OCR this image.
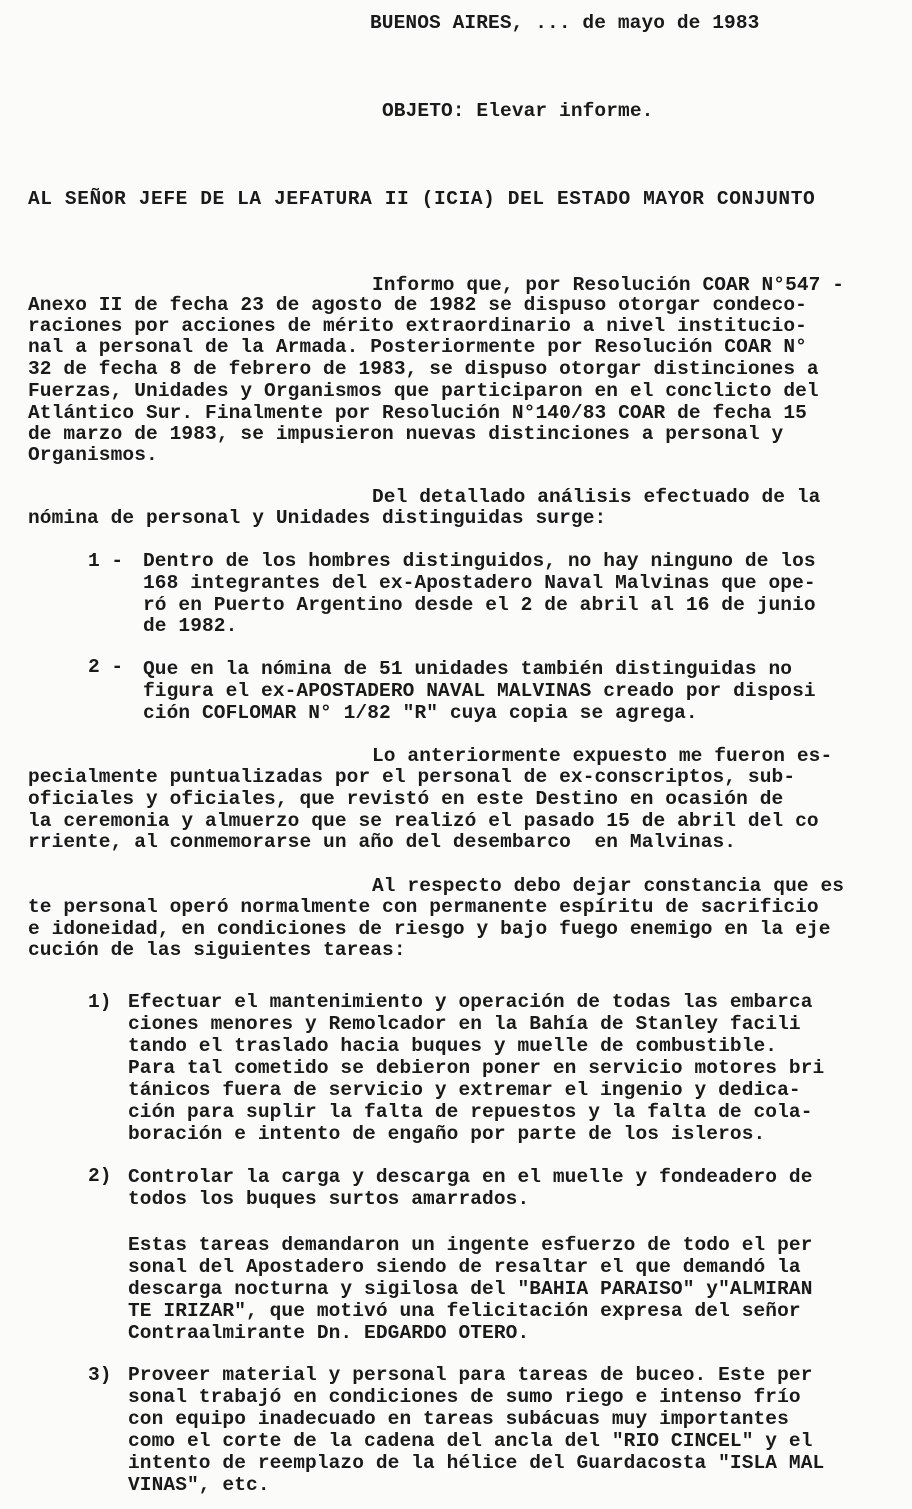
BUENOS AIRES, ... de mayo de 1983
OBJETO: Elevar informe.
AL SEÑOR JEFE DE LA JEFATURA II (ICIA) DEL ESTADO MAYOR CONJUNTO
Informo que, por Resolución COAR N°547 -
Anexo II de fecha 23 de agosto de 1982 se dispuso otorgar condeco-
raciones por acciones de mérito extraordinario a nivel institucio-
nal a personal de la Armada. Posteriormente por Resolución COAR N°
32 de fecha 8 de febrero de 1983, se dispuso otorgar distinciones a
Fuerzas, Unidades y Organismos que participaron en el conclicto del
Atlántico Sur. Finalmente por Resolución N°140/83 COAR de fecha 15
de marzo de 1983, se impusieron nuevas distinciones a personal y
Organismos.
Del detallado análisis efectuado de la
nómina de personal y Unidades distinguidas surge:
1 - Dentro de los hombres distinguidos, no hay ninguno de los
168 integrantes del ex-Apostadero Naval Malvinas que ope-
ró en Puerto Argentino desde el 2 de abril al 16 de junio
de 1982.
2 - Que en la nómina de 51 unidades también distinguidas no
figura el ex-APOSTADERO NAVAL MALVINAS creado por disposi
ción COFLOMAR N° 1/82 "R" cuya copia se agrega.
Lo anteriormente expuesto me fueron es-
pecialmente puntualizadas por el personal de ex-conscriptos, sub-
oficiales y oficiales, que revistó en este Destino en ocasión de
la ceremonia y almuerzo que se realizó el pasado 15 de abril del co
rriente, al conmemorarse un año del desembarco  en Malvinas.
Al respecto debo dejar constancia que es
te personal operó normalmente con permanente espíritu de sacrificio
e idoneidad, en condiciones de riesgo y bajo fuego enemigo en la eje
cución de las siguientes tareas:
1) Efectuar el mantenimiento y operación de todas las embarca
ciones menores y Remolcador en la Bahía de Stanley facili
tando el traslado hacia buques y muelle de combustible.
Para tal cometido se debieron poner en servicio motores bri
tánicos fuera de servicio y extremar el ingenio y dedica-
ción para suplir la falta de repuestos y la falta de cola-
boración e intento de engaño por parte de los isleros.
2) Controlar la carga y descarga en el muelle y fondeadero de
todos los buques surtos amarrados.
Estas tareas demandaron un ingente esfuerzo de todo el per
sonal del Apostadero siendo de resaltar el que demandó la
descarga nocturna y sigilosa del "BAHIA PARAISO" y"ALMIRAN
TE IRIZAR", que motivó una felicitación expresa del señor
Contraalmirante Dn. EDGARDO OTERO.
3) Proveer material y personal para tareas de buceo. Este per
sonal trabajó en condiciones de sumo riego e intenso frío
con equipo inadecuado en tareas subácuas muy importantes
como el corte de la cadena del ancla del "RIO CINCEL" y el
intento de reemplazo de la hélice del Guardacosta "ISLA MAL
VINAS", etc.
